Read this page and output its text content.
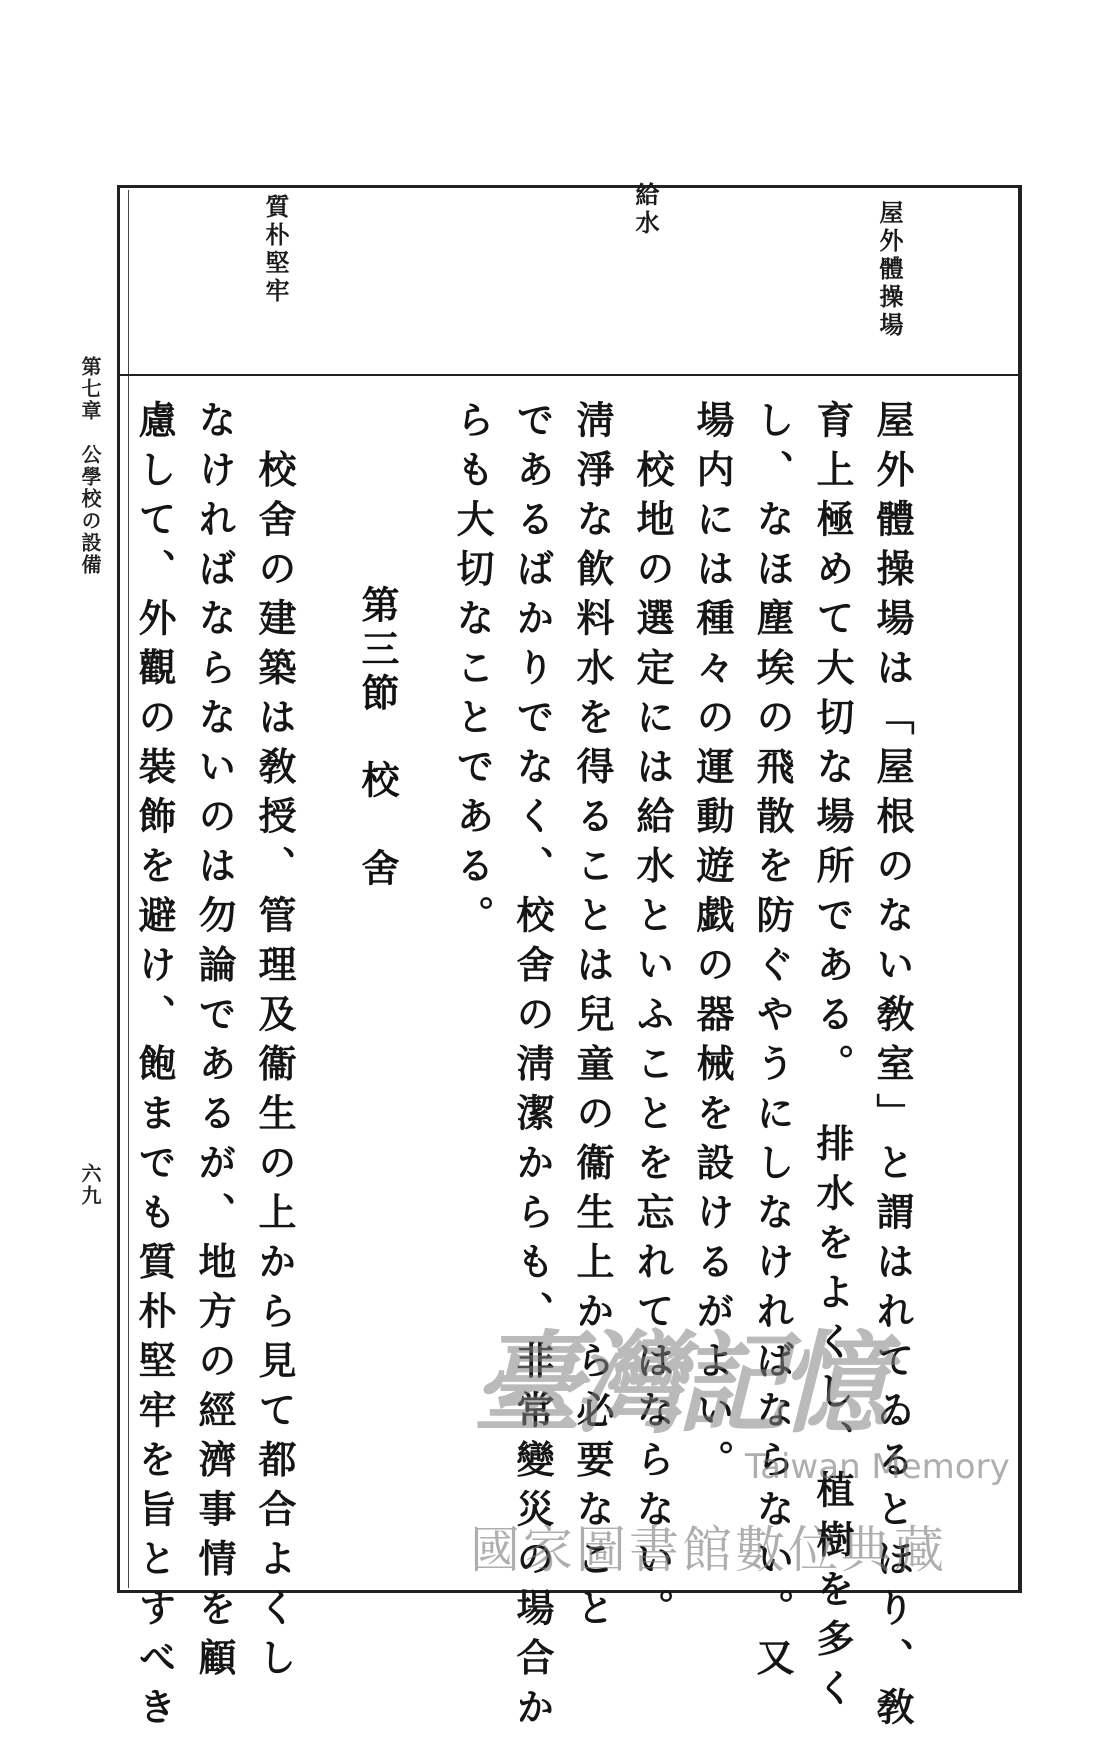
屋外體操場
給水
質朴堅牢
第七章　公學校の設備
六九	屋外體操場は「屋根のない敎室」と謂はれてゐるとほり、敎
育上極めて大切な場所である。　排水をよくし、植樹を多く
し、なほ塵埃の飛散を防ぐやうにしなければならない。又
場内には種々の運動遊戯の器械を設けるがよい。
　校地の選定には給水といふことを忘れてはならない。
淸淨な飮料水を得ることは兒童の衞生上から必要なこと
であるばかりでなく、校舍の淸潔からも、非常變災の場合か
らも大切なことである。
第三節
校舍
　校舍の建築は敎授、管理及衞生の上から見て都合よくし
なければならないのは勿論であるが、地方の經濟事情を顧
慮して、外觀の裝飾を避け、飽までも質朴堅牢を旨とすべき	臺灣記憶
Taiwan Memory
國家圖書館數位典藏
